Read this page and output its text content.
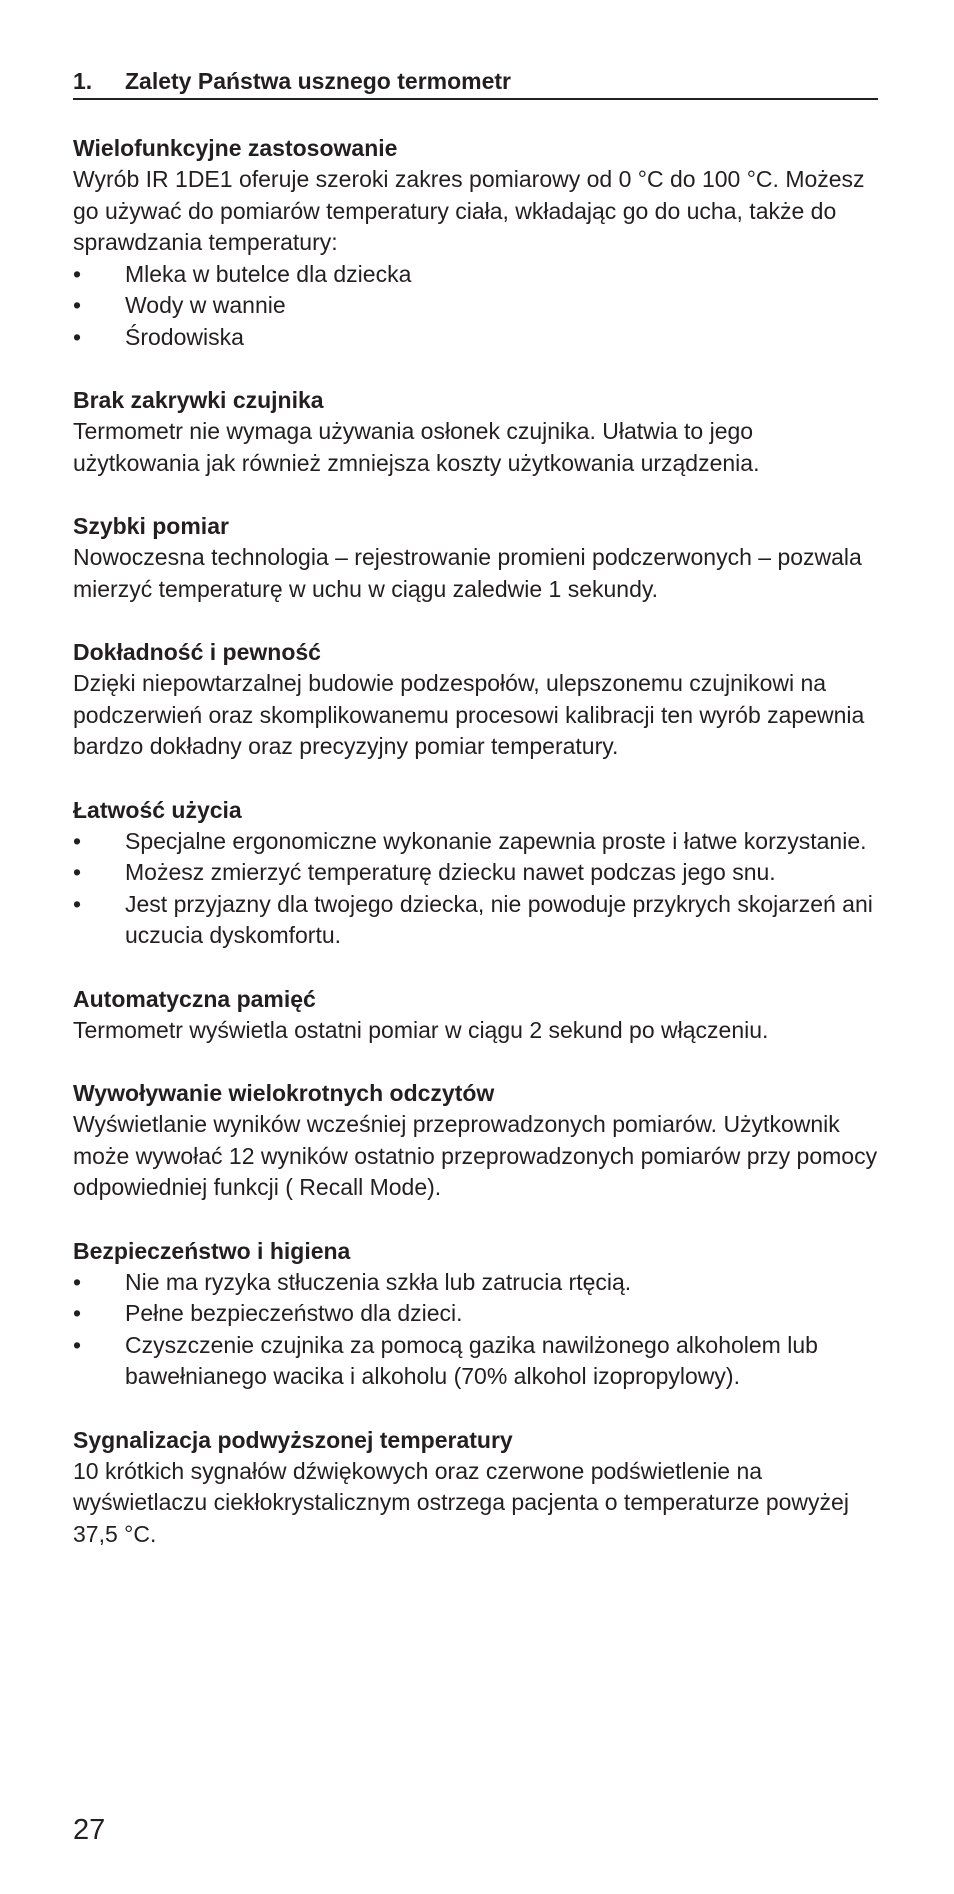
1.	Zalety Państwa usznego termometr
Wielofunkcyjne zastosowanie

Wyrób IR 1DE1 oferuje szeroki zakres pomiarowy od 0 °C do 100 °C. Możesz go używać do pomiarów temperatury ciała, wkładając go do ucha, także do sprawdzania temperatury:

• Mleka w butelce dla dziecka
• Wody w wannie
• Środowiska
Brak zakrywki czujnika

Termometr nie wymaga używania osłonek czujnika. Ułatwia to jego użytkowania jak również zmniejsza koszty użytkowania urządzenia.

Szybki pomiar

Nowoczesna technologia – rejestrowanie promieni podczerwonych – pozwala mierzyć temperaturę w uchu w ciągu zaledwie 1 sekundy.

Dokładność i pewność

Dzięki niepowtarzalnej budowie podzespołów, ulepszonemu czujnikowi na podczerwień oraz skomplikowanemu procesowi kalibracji ten wyrób zapewnia bardzo dokładny oraz precyzyjny pomiar temperatury.

Łatwość użycia
• Specjalne ergonomiczne wykonanie zapewnia proste i łatwe korzystanie.
• Możesz zmierzyć temperaturę dziecku nawet podczas jego snu.
• Jest przyjazny dla twojego dziecka, nie powoduje przykrych skojarzeń ani uczucia dyskomfortu.
Automatyczna pamięć

Termometr wyświetla ostatni pomiar w ciągu 2 sekund po włączeniu.

Wywoływanie wielokrotnych odczytów

Wyświetlanie wyników wcześniej przeprowadzonych pomiarów. Użytkownik może wywołać 12 wyników ostatnio przeprowadzonych pomiarów przy pomocy odpowiedniej funkcji ( Recall Mode).

Bezpieczeństwo i higiena
• Nie ma ryzyka stłuczenia szkła lub zatrucia rtęcią.
• Pełne bezpieczeństwo dla dzieci.
• Czyszczenie czujnika za pomocą gazika nawilżonego alkoholem lub bawełnianego wacika i alkoholu (70% alkohol izopropylowy).
Sygnalizacja podwyższonej temperatury

10 krótkich sygnałów dźwiękowych oraz czerwone podświetlenie na wyświetlaczu ciekłokrystalicznym ostrzega pacjenta o temperaturze powyżej 37,5 °C.

27
